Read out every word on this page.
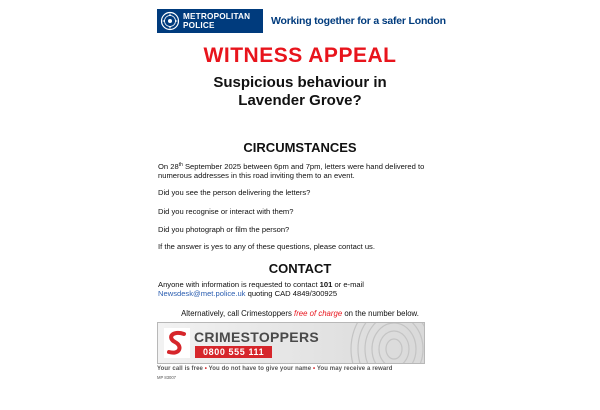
METROPOLITAN
POLICE	Working together for a safer London
WITNESS APPEAL
Suspicious behaviour in
Lavender Grove?
CIRCUMSTANCES
On 28th September 2025 between 6pm and 7pm, letters were hand delivered to numerous addresses in this road inviting them to an event.
Did you see the person delivering the letters?
Did you recognise or interact with them?
Did you photograph or film the person?
If the answer is yes to any of these questions, please contact us.
CONTACT
Anyone with information is requested to contact 101 or e-mail
Newsdesk@met.police.uk quoting CAD 4849/300925
Alternatively, call Crimestoppers free of charge on the number below.
CRIMESTOPPERS
0800 555 111
Your call is free • You do not have to give your name • You may receive a reward
MP 83007
